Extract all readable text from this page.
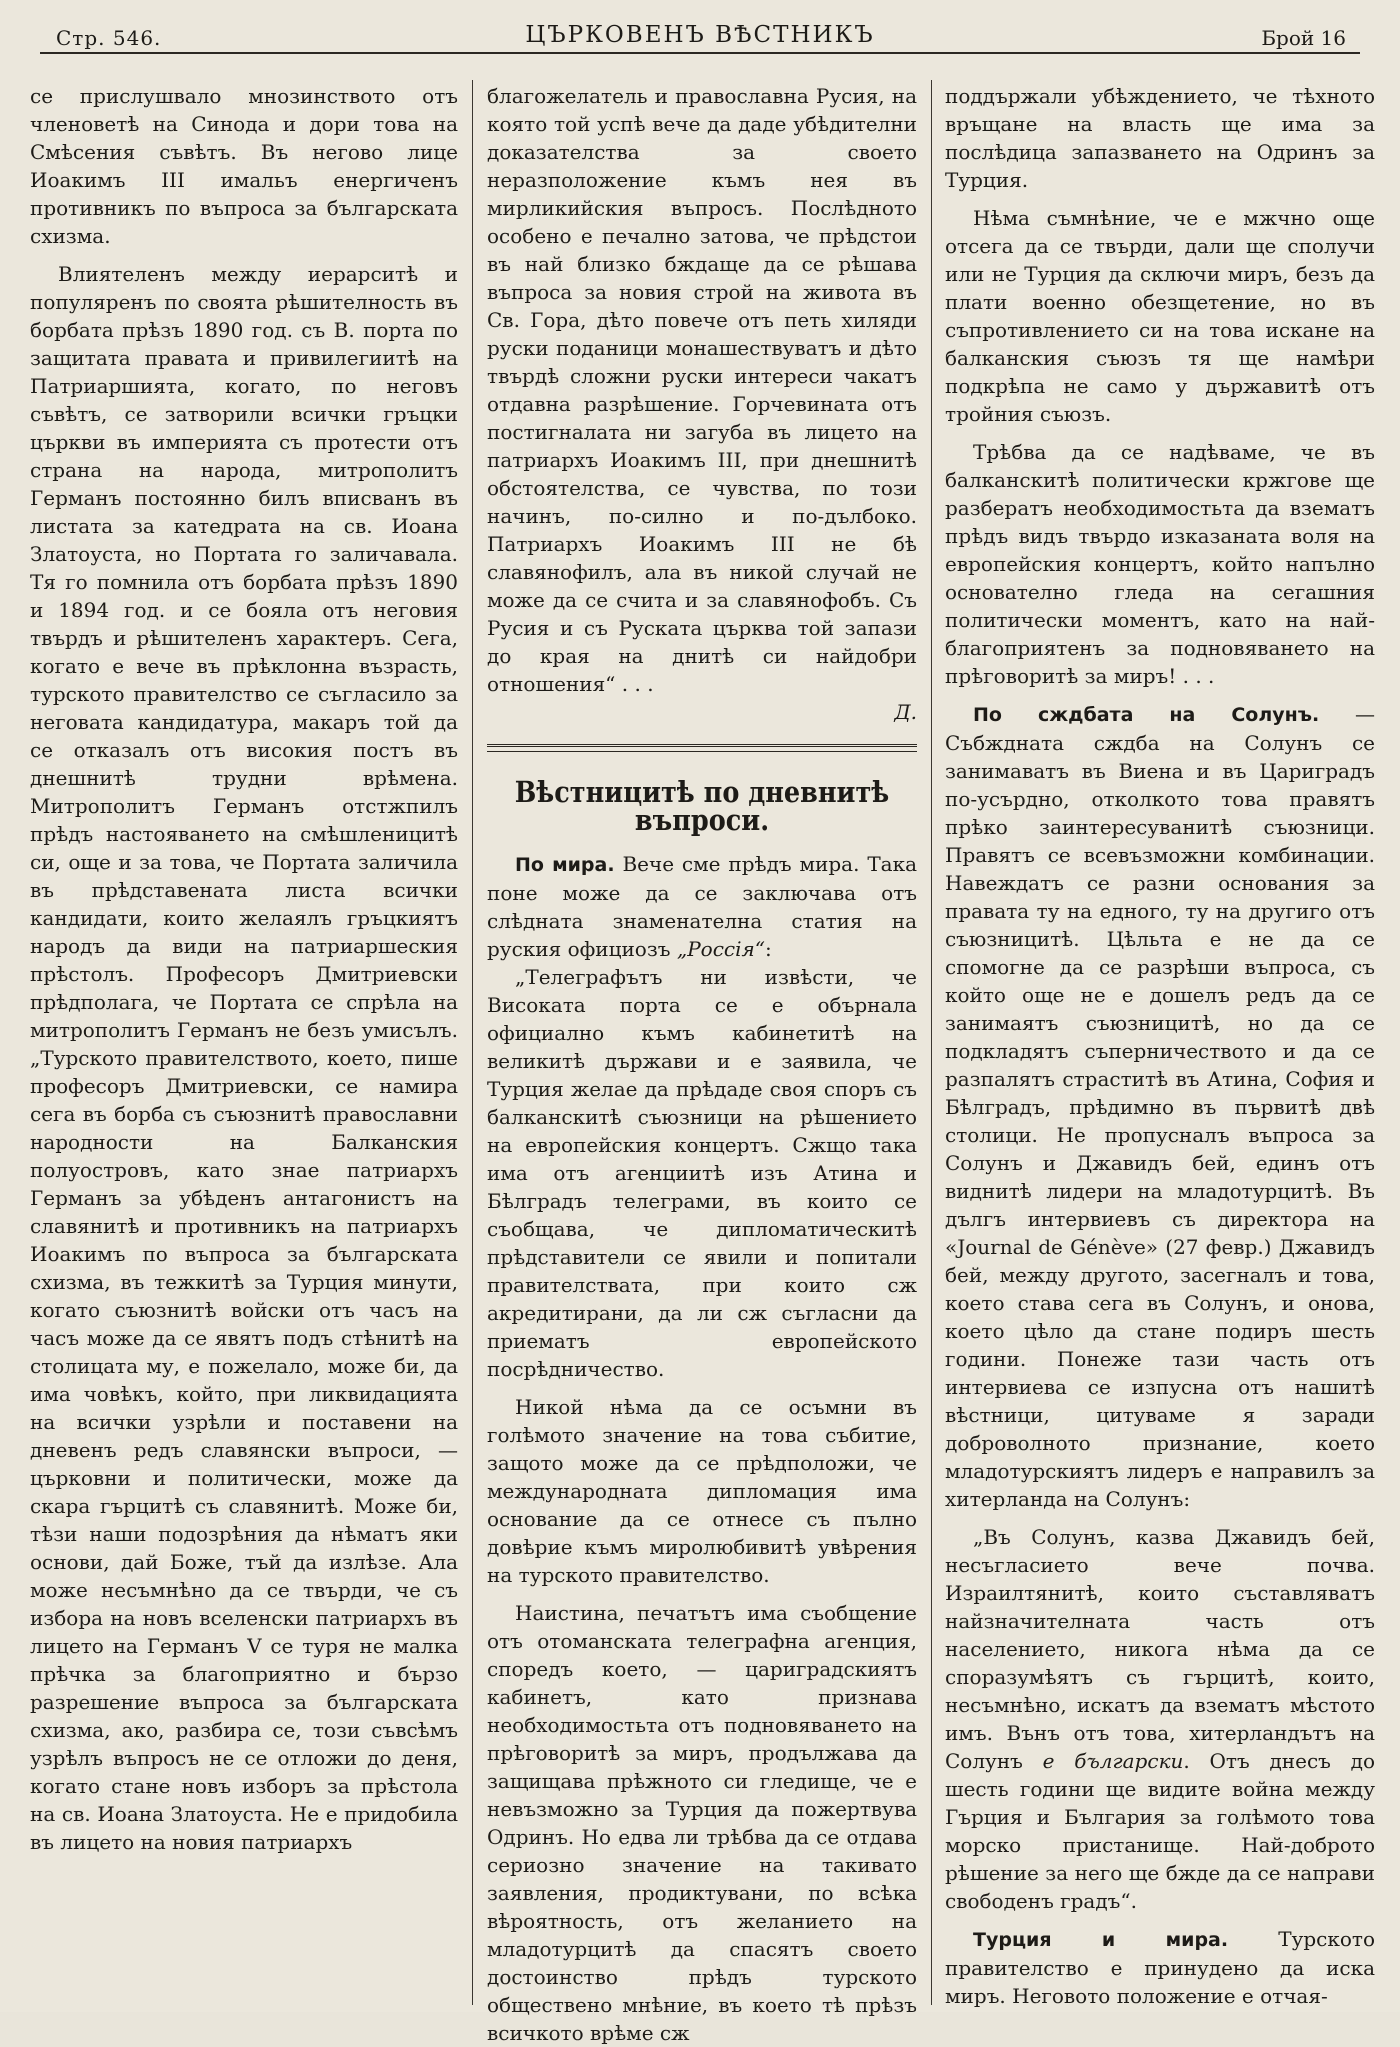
Стр. 546.	ЦЪРКОВЕНЪ ВѢСТНИКЪ	Брой 16

се прислушвало мнозинството отъ членоветѣ на Синода и дори това на Смѣсения съвѣтъ. Въ негово лице Иоакимъ III имальъ енергиченъ противникъ по въпроса за българската схизма.

Влиятеленъ между иерарситѣ и популяренъ по своята рѣшителность въ борбата прѣзъ 1890 год. съ В. порта по защитата правата и привилегиитѣ на Патриаршията, когато, по неговъ съвѣтъ, се затворили всички гръцки църкви въ империята съ протести отъ страна на народа, митрополитъ Германъ постоянно билъ вписванъ въ листата за катедрата на св. Иоана Златоуста, но Портата го заличавала. Тя го помнила отъ борбата прѣзъ 1890 и 1894 год. и се бояла отъ неговия твърдъ и рѣшителенъ характеръ. Сега, когато е вече въ прѣклонна възрасть, турското правителство се съгласило за неговата кандидатура, макаръ той да се отказалъ отъ високия постъ въ днешнитѣ трудни врѣмена. Митрополитъ Германъ отстжпилъ прѣдъ настояването на смѣшленицитѣ си, още и за това, че Портата заличила въ прѣдставената листа всички кандидати, които желаялъ гръцкиятъ народъ да види на патриаршеския прѣстолъ. Професоръ Дмитриевски прѣдполага, че Портата се спрѣла на митрополитъ Германъ не безъ умисълъ. „Турското правителството, което, пише професоръ Дмитриевски, се намира сега въ борба съ съюзнитѣ православни народности на Балканския полуостровъ, като знае патриархъ Германъ за убѣденъ антагонистъ на славянитѣ и противникъ на патриархъ Иоакимъ по въпроса за българската схизма, въ тежкитѣ за Турция минути, когато съюзнитѣ войски отъ часъ на часъ може да се явятъ подъ стѣнитѣ на столицата му, е пожелало, може би, да има човѣкъ, който, при ликвидацията на всички узрѣли и поставени на дневенъ редъ славянски въпроси, — църковни и политически, може да скара гърцитѣ съ славянитѣ. Може би, тѣзи наши подозрѣния да нѣматъ яки основи, дай Боже, тъй да излѣзе. Ала може несъмнѣно да се твърди, че съ избора на новъ вселенски патриархъ въ лицето на Германъ V се туря не малка прѣчка за благоприятно и бързо разрешение въпроса за българската схизма, ако, разбира се, този съвсѣмъ узрѣлъ въпросъ не се отложи до деня, когато стане новъ изборъ за прѣстола на св. Иоана Златоуста. Не е придобила въ лицето на новия патриархъ

благожелатель и православна Русия, на която той успѣ вече да даде убѣдителни доказателства за своето неразположение къмъ нея въ мирликийския въпросъ. Послѣдното особено е печално затова, че прѣдстои въ най близко бждаще да се рѣшава въпроса за новия строй на живота въ Св. Гора, дѣто повече отъ петь хиляди руски поданици монашествуватъ и дѣто твърдѣ сложни руски интереси чакатъ отдавна разрѣшение. Горчевината отъ постигналата ни загуба въ лицето на патриархъ Иоакимъ III, при днешнитѣ обстоятелства, се чувства, по този начинъ, по-силно и по-дълбоко. Патриархъ Иоакимъ III не бѣ славянофилъ, ала въ никой случай не може да се счита и за славянофобъ. Съ Русия и съ Руската църква той запази до края на днитѣ си найдобри отношения“ . . .

Д.
Вѣстницитѣ по дневнитѣ въпроси.

По мира. Вече сме прѣдъ мира. Така поне може да се заключава отъ слѣдната знаменателна статия на руския официозъ „Россія“:

„Телеграфътъ ни извѣсти, че Високата порта се е обърнала официално къмъ кабинетитѣ на великитѣ държави и е заявила, че Турция желае да прѣдаде своя споръ съ балканскитѣ съюзници на рѣшението на европейския концертъ. Сжщо така има отъ агенциитѣ изъ Атина и Бѣлградъ телеграми, въ които се съобщава, че дипломатическитѣ прѣдставители се явили и попитали правителствата, при които сж акредитирани, да ли сж съгласни да приематъ европейското посрѣдничество.

Никой нѣма да се осъмни въ голѣмото значение на това събитие, защото може да се прѣдположи, че международната дипломация има основание да се отнесе съ пълно довѣрие къмъ миролюбивитѣ увѣрения на турското правителство.

Наистина, печатътъ има съобщение отъ отоманската телеграфна агенция, споредъ което, — цариградскиятъ кабинетъ, като признава необходимостьта отъ подновяването на прѣговоритѣ за миръ, продължава да защищава прѣжното си гледище, че е невъзможно за Турция да пожертвува Одринъ. Но едва ли трѣбва да се отдава сериозно значение на такивато заявления, продиктувани, по всѣка вѣроятность, отъ желанието на младотурцитѣ да спасятъ своето достоинство прѣдъ турското обществено мнѣние, въ което тѣ прѣзъ всичкото врѣме сж

поддържали убѣждението, че тѣхното връщане на власть ще има за послѣдица запазването на Одринъ за Турция.

Нѣма съмнѣние, че е мжчно още отсега да се твърди, дали ще сполучи или не Турция да сключи миръ, безъ да плати военно обезщетение, но въ съпротивлението си на това искане на балканския съюзъ тя ще намѣри подкрѣпа не само у държавитѣ отъ тройния съюзъ.

Трѣбва да се надѣваме, че въ балканскитѣ политически кржгове ще разбератъ необходимостьта да взематъ прѣдъ видъ твърдо изказаната воля на европейския концертъ, който напълно основателно гледа на сегашния политически моментъ, като на най-благоприятенъ за подновяването на прѣговоритѣ за миръ! . . .

По сждбата на Солунъ. — Събждната сждба на Солунъ се занимаватъ въ Виена и въ Цариградъ по-усърдно, отколкото това правятъ прѣко заинтересуванитѣ съюзници. Правятъ се всевъзможни комбинации. Навеждатъ се разни основания за правата ту на едного, ту на другиго отъ съюзницитѣ. Цѣльта е не да се спомогне да се разрѣши въпроса, съ който още не е дошелъ редъ да се занимаятъ съюзницитѣ, но да се подкладятъ съперничеството и да се разпалятъ страститѣ въ Атина, София и Бѣлградъ, прѣдимно въ първитѣ двѣ столици. Не пропусналъ въпроса за Солунъ и Джавидъ бей, единъ отъ виднитѣ лидери на младотурцитѣ. Въ дългъ интервиевъ съ директора на «Journal de Génève» (27 февр.) Джавидъ бей, между другото, засегналъ и това, което става сега въ Солунъ, и онова, което цѣло да стане подиръ шесть години. Понеже тази часть отъ интервиева се изпусна отъ нашитѣ вѣстници, цитуваме я заради доброволното признание, което младотурскиятъ лидеръ е направилъ за хитерланда на Солунъ:

„Въ Солунъ, казва Джавидъ бей, несъгласието вече почва. Израилтянитѣ, които съставляватъ найзначителната часть отъ населението, никога нѣма да се споразумѣятъ съ гърцитѣ, които, несъмнѣно, искатъ да взематъ мѣстото имъ. Вънъ отъ това, хитерландътъ на Солунъ е български. Отъ днесъ до шесть години ще видите война между Гърция и България за голѣмото това морско пристанище. Най-доброто рѣшение за него ще бжде да се направи свободенъ градъ“.

Турция и мира.	Турското правителство е принудено да иска миръ. Неговото положение е отчая-
